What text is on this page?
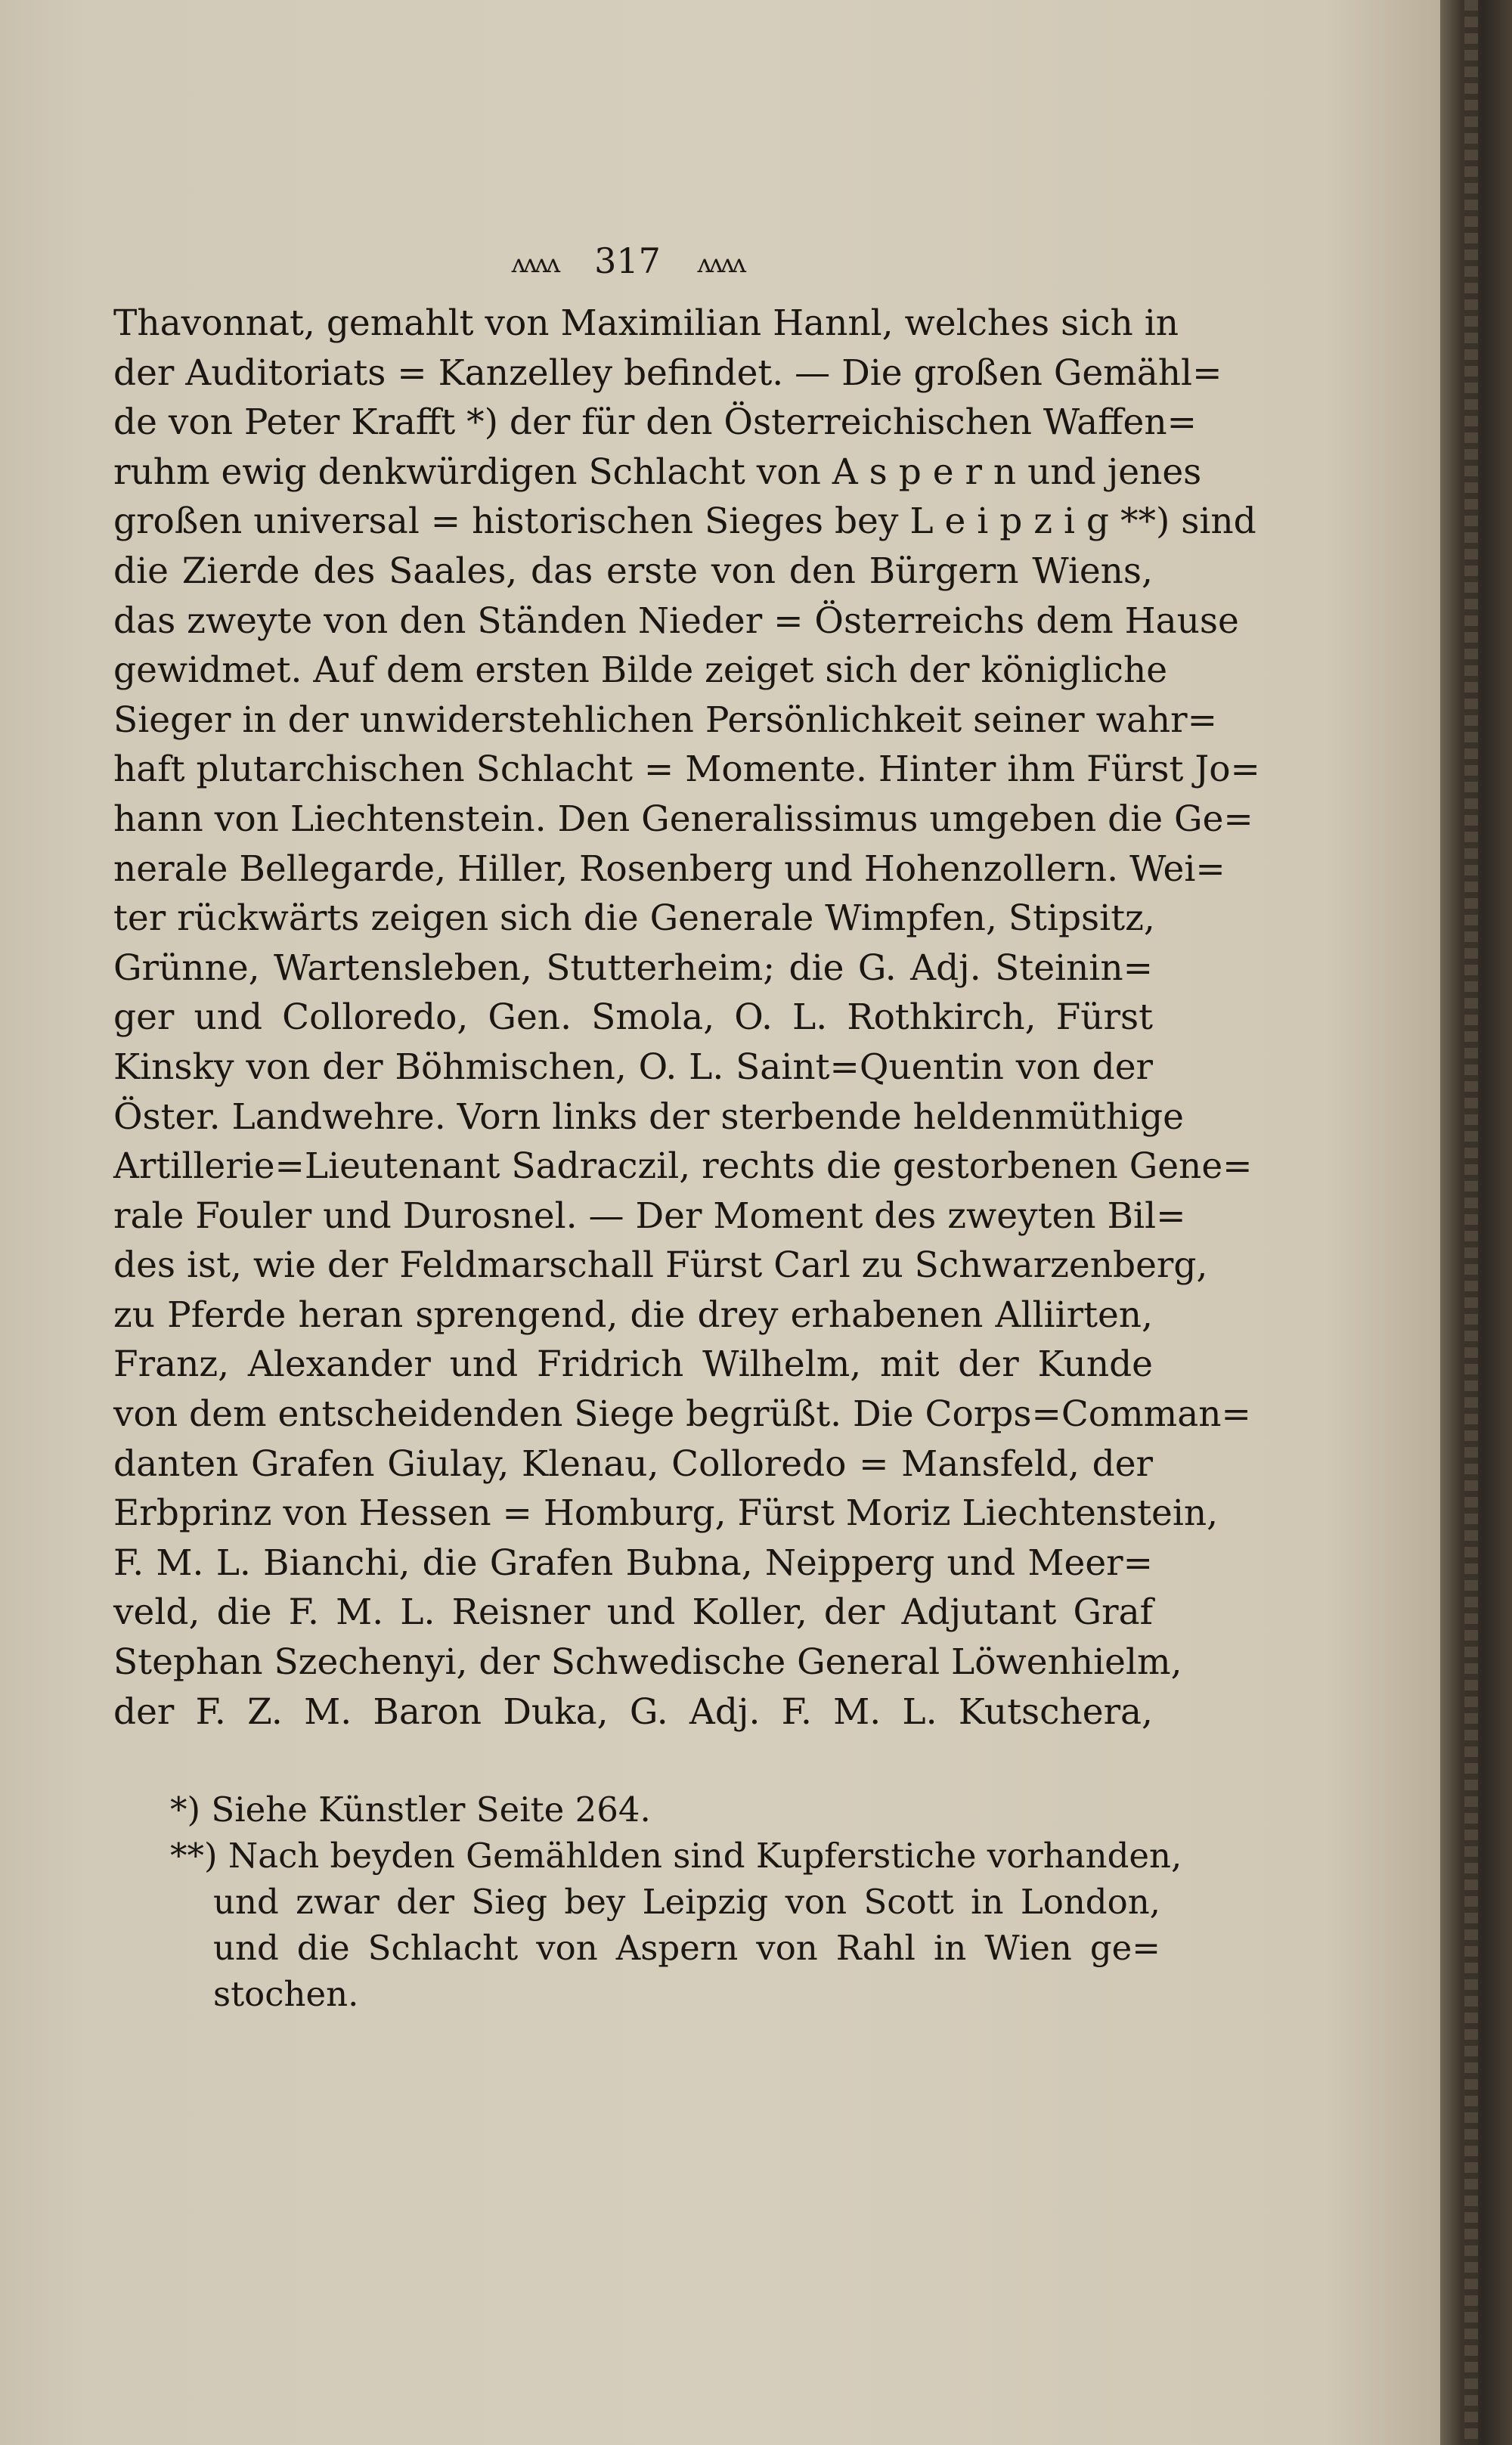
ʌʌʌʌ 317 ʌʌʌʌ
Thavonnat, gemahlt von Maximilian Hannl, welches sich in
der Auditoriats = Kanzelley befindet. — Die großen Gemähl=
de von Peter Krafft *) der für den Österreichischen Waffen=
ruhm ewig denkwürdigen Schlacht von A s p e r n und jenes
großen universal = historischen Sieges bey L e i p z i g **) sind
die Zierde des Saales, das erste von den Bürgern Wiens,
das zweyte von den Ständen Nieder = Österreichs dem Hause
gewidmet. Auf dem ersten Bilde zeiget sich der königliche
Sieger in der unwiderstehlichen Persönlichkeit seiner wahr=
haft plutarchischen Schlacht = Momente. Hinter ihm Fürst Jo=
hann von Liechtenstein. Den Generalissimus umgeben die Ge=
nerale Bellegarde, Hiller, Rosenberg und Hohenzollern. Wei=
ter rückwärts zeigen sich die Generale Wimpfen, Stipsitz,
Grünne, Wartensleben, Stutterheim; die G. Adj. Steinin=
ger und Colloredo, Gen. Smola, O. L. Rothkirch, Fürst
Kinsky von der Böhmischen, O. L. Saint=Quentin von der
Öster. Landwehre. Vorn links der sterbende heldenmüthige
Artillerie=Lieutenant Sadraczil, rechts die gestorbenen Gene=
rale Fouler und Durosnel. — Der Moment des zweyten Bil=
des ist, wie der Feldmarschall Fürst Carl zu Schwarzenberg,
zu Pferde heran sprengend, die drey erhabenen Alliirten,
Franz, Alexander und Fridrich Wilhelm, mit der Kunde
von dem entscheidenden Siege begrüßt. Die Corps=Comman=
danten Grafen Giulay, Klenau, Colloredo = Mansfeld, der
Erbprinz von Hessen = Homburg, Fürst Moriz Liechtenstein,
F. M. L. Bianchi, die Grafen Bubna, Neipperg und Meer=
veld, die F. M. L. Reisner und Koller, der Adjutant Graf
Stephan Szechenyi, der Schwedische General Löwenhielm,
der F. Z. M. Baron Duka, G. Adj. F. M. L. Kutschera,
*) Siehe Künstler Seite 264.
**) Nach beyden Gemählden sind Kupferstiche vorhanden,
und zwar der Sieg bey Leipzig von Scott in London,
und die Schlacht von Aspern von Rahl in Wien ge=
stochen.
